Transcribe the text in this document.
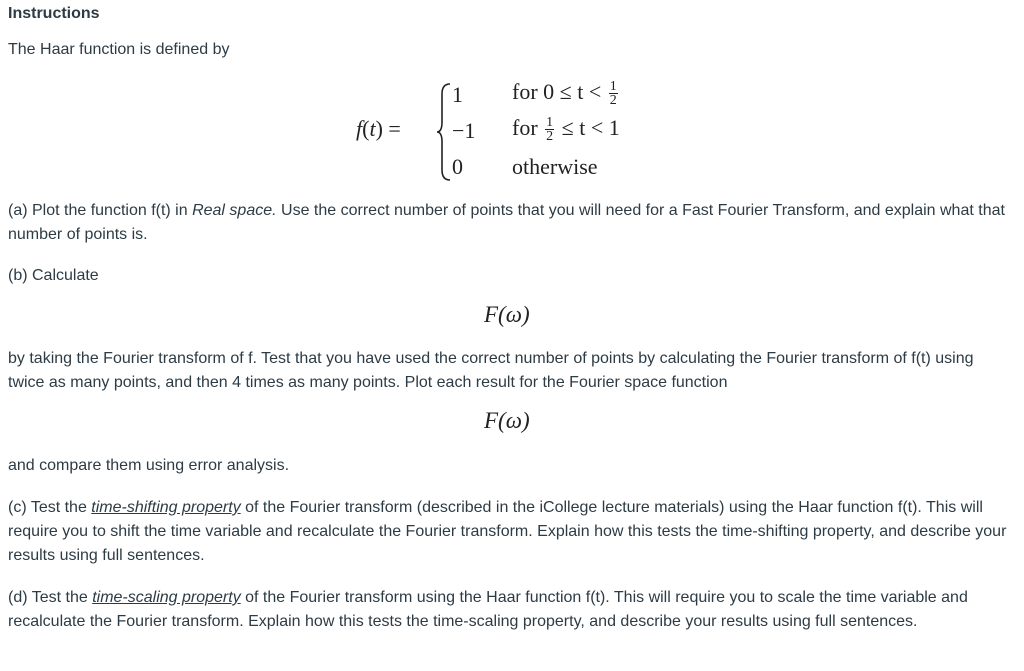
Instructions
The Haar function is defined by
f(t) =
1
−1
0
for $0 \le t < \frac{1}{2}$
for $\frac{1}{2} \le t < 1$
otherwise
(a) Plot the function f(t) in Real space. Use the correct number of points that you will need for a Fast Fourier Transform, and explain what that number of points is.
(b) Calculate
F(ω)
by taking the Fourier transform of f. Test that you have used the correct number of points by calculating the Fourier transform of f(t) using twice as many points, and then 4 times as many points. Plot each result for the Fourier space function
F(ω)
and compare them using error analysis.
(c) Test the time-shifting property of the Fourier transform (described in the iCollege lecture materials) using the Haar function f(t). This will require you to shift the time variable and recalculate the Fourier transform. Explain how this tests the time-shifting property, and describe your results using full sentences.
(d) Test the time-scaling property of the Fourier transform using the Haar function f(t). This will require you to scale the time variable and recalculate the Fourier transform. Explain how this tests the time-scaling property, and describe your results using full sentences.
